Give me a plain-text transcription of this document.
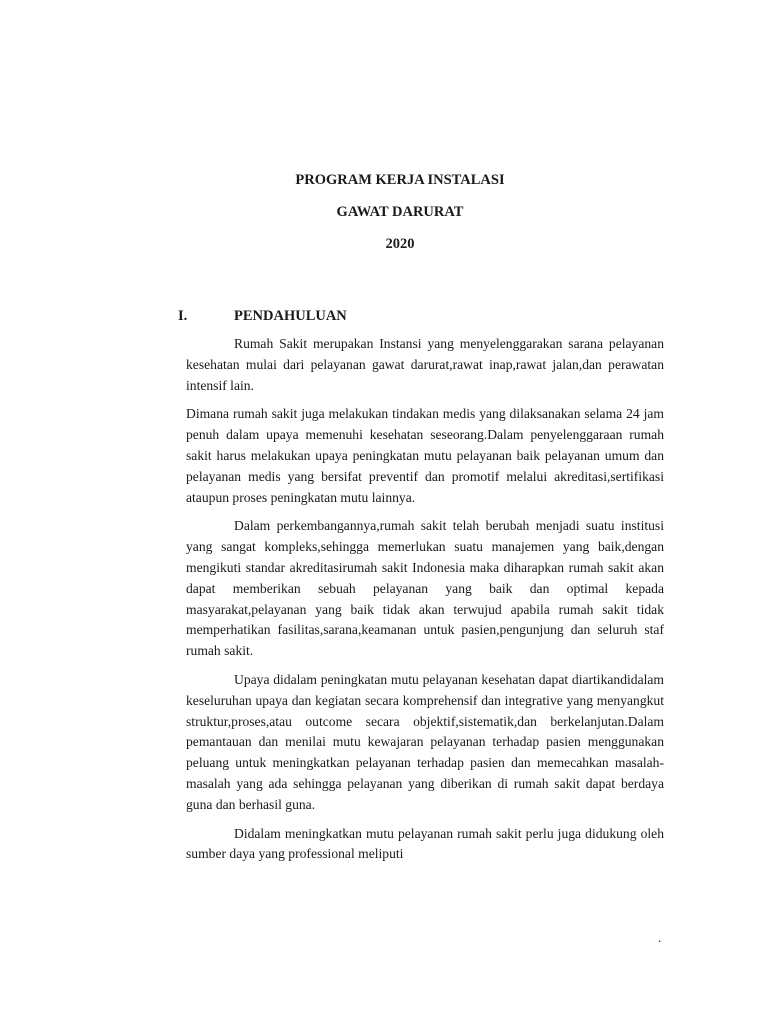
PROGRAM KERJA INSTALASI
GAWAT DARURAT
2020
I.	PENDAHULUAN

Rumah Sakit merupakan Instansi yang menyelenggarakan sarana pelayanan kesehatan mulai dari pelayanan gawat darurat,rawat inap,rawat jalan,dan perawatan intensif lain.

Dimana rumah sakit juga melakukan tindakan medis yang dilaksanakan selama 24 jam penuh dalam upaya memenuhi kesehatan seseorang.Dalam penyelenggaraan rumah sakit harus melakukan upaya peningkatan mutu pelayanan baik pelayanan umum dan pelayanan medis yang bersifat preventif dan promotif melalui akreditasi,sertifikasi ataupun proses peningkatan mutu lainnya.

Dalam perkembangannya,rumah sakit telah berubah menjadi suatu institusi yang sangat kompleks,sehingga memerlukan suatu manajemen yang baik,dengan mengikuti standar akreditasirumah sakit Indonesia maka diharapkan rumah sakit akan dapat memberikan sebuah pelayanan yang baik dan optimal kepada masyarakat,pelayanan yang baik tidak akan terwujud apabila rumah sakit tidak memperhatikan fasilitas,sarana,keamanan untuk pasien,pengunjung dan seluruh staf rumah sakit.

Upaya didalam peningkatan mutu pelayanan kesehatan dapat diartikandidalam keseluruhan upaya dan kegiatan secara komprehensif dan integrative yang menyangkut struktur,proses,atau outcome secara objektif,sistematik,dan berkelanjutan.Dalam pemantauan dan menilai mutu kewajaran pelayanan terhadap pasien menggunakan peluang untuk meningkatkan pelayanan terhadap pasien dan memecahkan masalah-masalah yang ada sehingga pelayanan yang diberikan di rumah sakit dapat berdaya guna dan berhasil guna.

Didalam meningkatkan mutu pelayanan rumah sakit perlu juga didukung oleh sumber daya yang professional meliputi

.
